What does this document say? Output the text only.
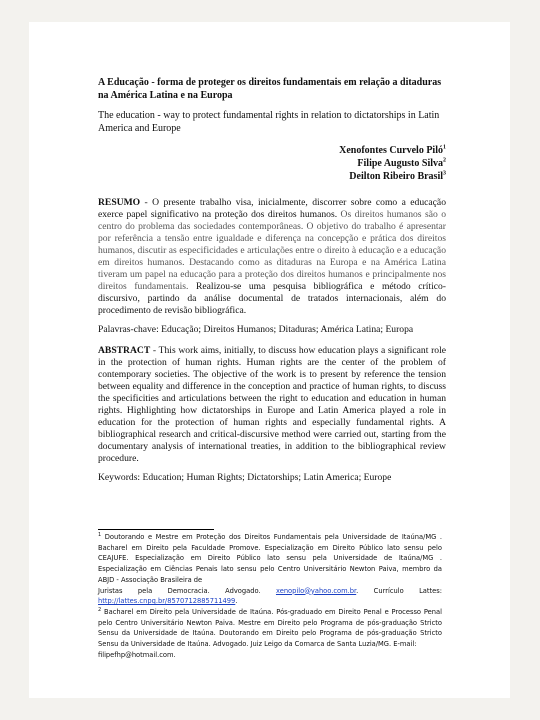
A Educação - forma de proteger os direitos fundamentais em relação a ditaduras na América Latina e na Europa

The education - way to protect fundamental rights in relation to dictatorships in Latin America and Europe

Xenofontes Curvelo Piló$^1$
Filipe Augusto Silva$^2$
Deilton Ribeiro Brasil$^3$

RESUMO - O presente trabalho visa, inicialmente, discorrer sobre como a educação exerce papel significativo na proteção dos direitos humanos. Os direitos humanos são o centro do problema das sociedades contemporâneas. O objetivo do trabalho é apresentar por referência a tensão entre igualdade e diferença na concepção e prática dos direitos humanos, discutir as especificidades e articulações entre o direito à educação e a educação em direitos humanos. Destacando como as ditaduras na Europa e na América Latina tiveram um papel na educação para a proteção dos direitos humanos e principalmente nos direitos fundamentais. Realizou-se uma pesquisa bibliográfica e método crítico-discursivo, partindo da análise documental de tratados internacionais, além do procedimento de revisão bibliográfica.

Palavras-chave: Educação; Direitos Humanos; Ditaduras; América Latina; Europa

ABSTRACT - This work aims, initially, to discuss how education plays a significant role in the protection of human rights. Human rights are the center of the problem of contemporary societies. The objective of the work is to present by reference the tension between equality and difference in the conception and practice of human rights, to discuss the specificities and articulations between the right to education and education in human rights. Highlighting how dictatorships in Europe and Latin America played a role in education for the protection of human rights and especially fundamental rights. A bibliographical research and critical-discursive method were carried out, starting from the documentary analysis of international treaties, in addition to the bibliographical review procedure.

Keywords: Education; Human Rights; Dictatorships; Latin America; Europe

$^1$ Doutorando e Mestre em Proteção dos Direitos Fundamentais pela Universidade de Itaúna/MG . Bacharel em Direito pela Faculdade Promove. Especialização em Direito Público lato sensu pelo CEAJUFE. Especialização em Direito Público lato sensu pela Universidade de Itaúna/MG . Especialização em Ciências Penais lato sensu pelo Centro Universitário Newton Paiva, membro da ABJD - Associação Brasileira de

Juristas pela Democracia. Advogado. xenopilo@yahoo.com.br. Currículo Lattes:

http://lattes.cnpq.br/8570712885711499.

$^2$ Bacharel em Direito pela Universidade de Itaúna. Pós-graduado em Direito Penal e Processo Penal pelo Centro Universitário Newton Paiva. Mestre em Direito pelo Programa de pós-graduação Stricto Sensu da Universidade de Itaúna. Doutorando em Direito pelo Programa de pós-graduação Stricto Sensu da Universidade de Itaúna. Advogado. Juiz Leigo da Comarca de Santa Luzia/MG. E-mail:

filipefhp@hotmail.com.
